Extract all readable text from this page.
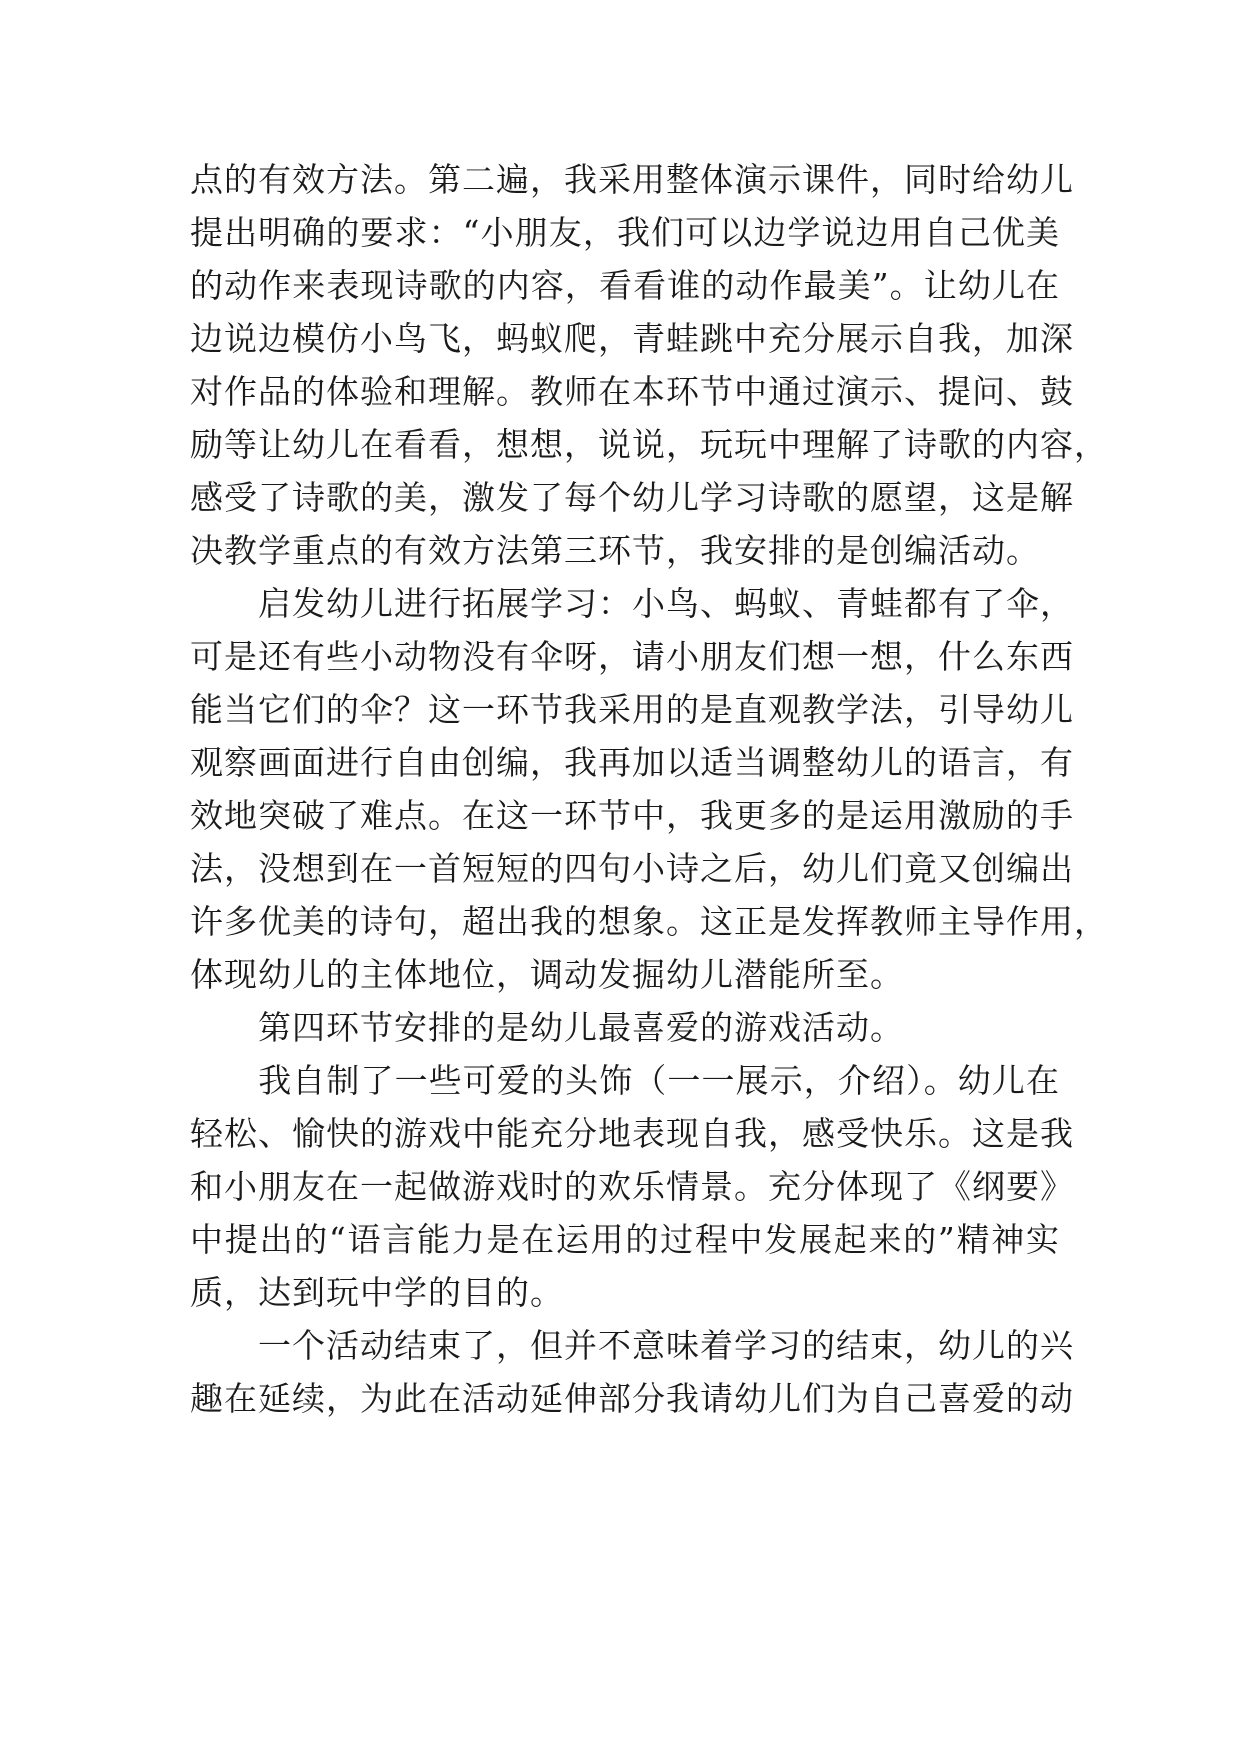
点的有效方法。第二遍，我采用整体演示课件，同时给幼儿
提出明确的要求：“小朋友，我们可以边学说边用自己优美
的动作来表现诗歌的内容，看看谁的动作最美”。让幼儿在
边说边模仿小鸟飞，蚂蚁爬，青蛙跳中充分展示自我，加深
对作品的体验和理解。教师在本环节中通过演示、提问、鼓
励等让幼儿在看看，想想，说说，玩玩中理解了诗歌的内容，
感受了诗歌的美，激发了每个幼儿学习诗歌的愿望，这是解
决教学重点的有效方法第三环节，我安排的是创编活动。
　　启发幼儿进行拓展学习：小鸟、蚂蚁、青蛙都有了伞，
可是还有些小动物没有伞呀，请小朋友们想一想，什么东西
能当它们的伞？这一环节我采用的是直观教学法，引导幼儿
观察画面进行自由创编，我再加以适当调整幼儿的语言，有
效地突破了难点。在这一环节中，我更多的是运用激励的手
法，没想到在一首短短的四句小诗之后，幼儿们竟又创编出
许多优美的诗句，超出我的想象。这正是发挥教师主导作用，
体现幼儿的主体地位，调动发掘幼儿潜能所至。
　　第四环节安排的是幼儿最喜爱的游戏活动。
　　我自制了一些可爱的头饰（一一展示，介绍）。幼儿在
轻松、愉快的游戏中能充分地表现自我，感受快乐。这是我
和小朋友在一起做游戏时的欢乐情景。充分体现了《纲要》
中提出的“语言能力是在运用的过程中发展起来的”精神实
质，达到玩中学的目的。
　　一个活动结束了，但并不意味着学习的结束，幼儿的兴
趣在延续，为此在活动延伸部分我请幼儿们为自己喜爱的动
